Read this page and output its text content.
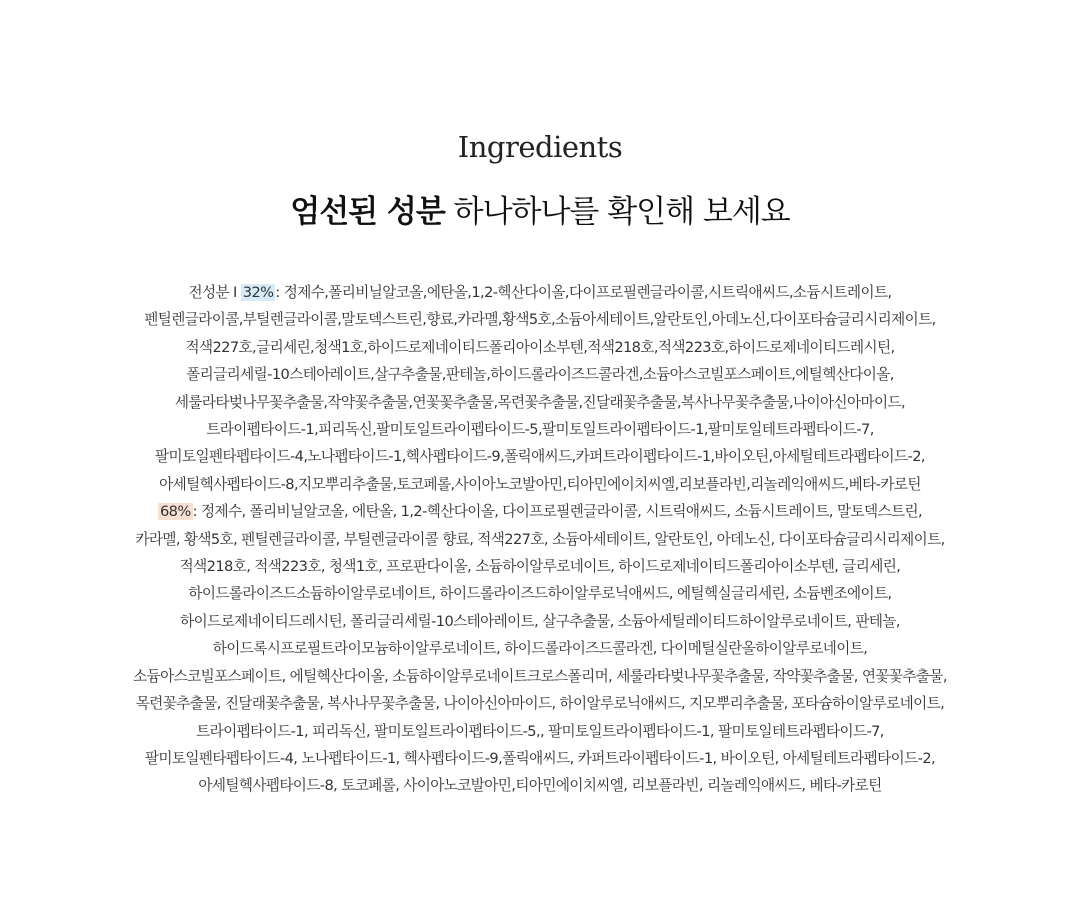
Ingredients
엄선된 성분 하나하나를 확인해 보세요
전성분 I 32% : 정제수,폴리비닐알코올,에탄올,1,2-헥산다이올,다이프로필렌글라이콜,시트릭애씨드,소듐시트레이트,
펜틸렌글라이콜,부틸렌글라이콜,말토덱스트린,향료,카라멜,황색5호,소듐아세테이트,알란토인,아데노신,다이포타슘글리시리제이트,
적색227호,글리세린,청색1호,하이드로제네이티드폴리아이소부텐,적색218호,적색223호,하이드로제네이티드레시틴,
폴리글리세릴-10스테아레이트,살구추출물,판테놀,하이드롤라이즈드콜라겐,소듐아스코빌포스페이트,에틸헥산다이올,
세룰라타벚나무꽃추출물,작약꽃추출물,연꽃꽃추출물,목련꽃추출물,진달래꽃추출물,복사나무꽃추출물,나이아신아마이드,
트라이펩타이드-1,피리독신,팔미토일트라이펩타이드-5,팔미토일트라이펩타이드-1,팔미토일테트라펩타이드-7,
팔미토일펜타펩타이드-4,노나펩타이드-1,헥사펩타이드-9,폴릭애씨드,카퍼트라이펩타이드-1,바이오틴,아세틸테트라펩타이드-2,
아세틸헥사펩타이드-8,지모뿌리추출물,토코페롤,사이아노코발아민,티아민에이치씨엘,리보플라빈,리놀레익애씨드,베타-카로틴
68% : 정제수, 폴리비닐알코올, 에탄올, 1,2-헥산다이올, 다이프로필렌글라이콜, 시트릭애씨드, 소듐시트레이트, 말토덱스트린,
카라멜, 황색5호, 펜틸렌글라이콜, 부틸렌글라이콜 향료, 적색227호, 소듐아세테이트, 알란토인, 아데노신, 다이포타슘글리시리제이트,
적색218호, 적색223호, 청색1호, 프로판다이올, 소듐하이알루로네이트, 하이드로제네이티드폴리아이소부텐, 글리세린,
하이드롤라이즈드소듐하이알루로네이트, 하이드롤라이즈드하이알루로닉애씨드, 에틸헥실글리세린, 소듐벤조에이트,
하이드로제네이티드레시틴, 폴리글리세릴-10스테아레이트, 살구추출물, 소듐아세틸레이티드하이알루로네이트, 판테놀,
하이드록시프로필트라이모늄하이알루로네이트, 하이드롤라이즈드콜라겐, 다이메틸실란올하이알루로네이트,
소듐아스코빌포스페이트, 에틸헥산다이올, 소듐하이알루로네이트크로스폴리머, 세룰라타벚나무꽃추출물, 작약꽃추출물, 연꽃꽃추출물,
목련꽃추출물, 진달래꽃추출물, 복사나무꽃추출물, 나이아신아마이드, 하이알루로닉애씨드, 지모뿌리추출물, 포타슘하이알루로네이트,
트라이펩타이드-1, 피리독신, 팔미토일트라이펩타이드-5,, 팔미토일트라이펩타이드-1, 팔미토일테트라펩타이드-7,
팔미토일펜타펩타이드-4, 노나펩타이드-1, 헥사펩타이드-9,폴릭애씨드, 카퍼트라이펩타이드-1, 바이오틴, 아세틸테트라펩타이드-2,
아세틸헥사펩타이드-8, 토코페롤, 사이아노코발아민,티아민에이치씨엘, 리보플라빈, 리놀레익애씨드, 베타-카로틴
